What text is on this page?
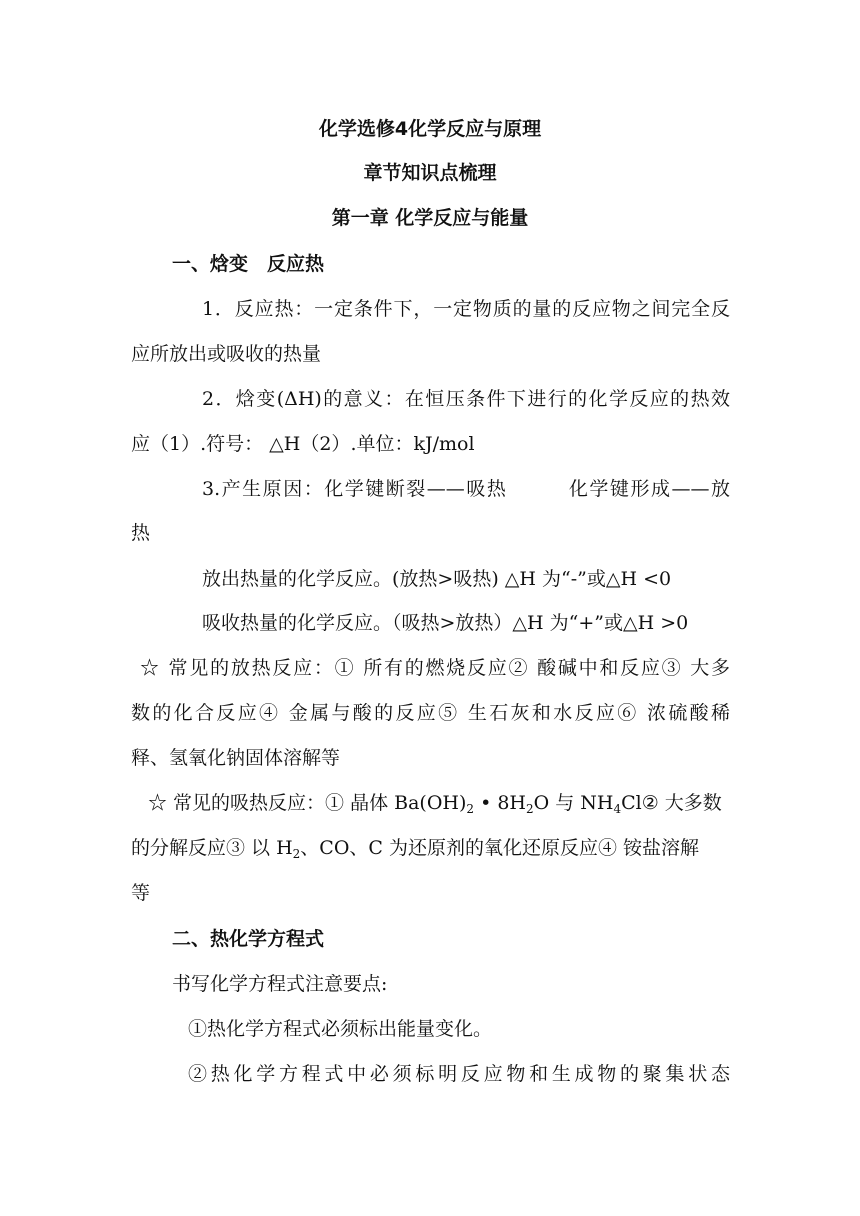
化学选修4化学反应与原理
章节知识点梳理
第一章 化学反应与能量
一、焓变　反应热
1．反应热：一定条件下，一定物质的量的反应物之间完全反
应所放出或吸收的热量
2．焓变(ΔH)的意义：在恒压条件下进行的化学反应的热效
应（1）.符号： △H（2）.单位：kJ/mol
3.产生原因：化学键断裂——吸热　　　化学键形成——放
热
放出热量的化学反应。(放热>吸热) △H 为“-”或△H <0
吸收热量的化学反应。（吸热>放热）△H 为“+”或△H >0
☆ 常见的放热反应：① 所有的燃烧反应② 酸碱中和反应③ 大多
数的化合反应④ 金属与酸的反应⑤ 生石灰和水反应⑥ 浓硫酸稀
释、氢氧化钠固体溶解等
☆ 常见的吸热反应：① 晶体 $Ba(OH)_2$ • $8H_2O$ 与 $NH_4Cl②$ 大多数
的分解反应③ 以 $H_2$、CO、C 为还原剂的氧化还原反应④ 铵盐溶解
等
二、热化学方程式
书写化学方程式注意要点:
①热化学方程式必须标出能量变化。
②热化学方程式中必须标明反应物和生成物的聚集状态
